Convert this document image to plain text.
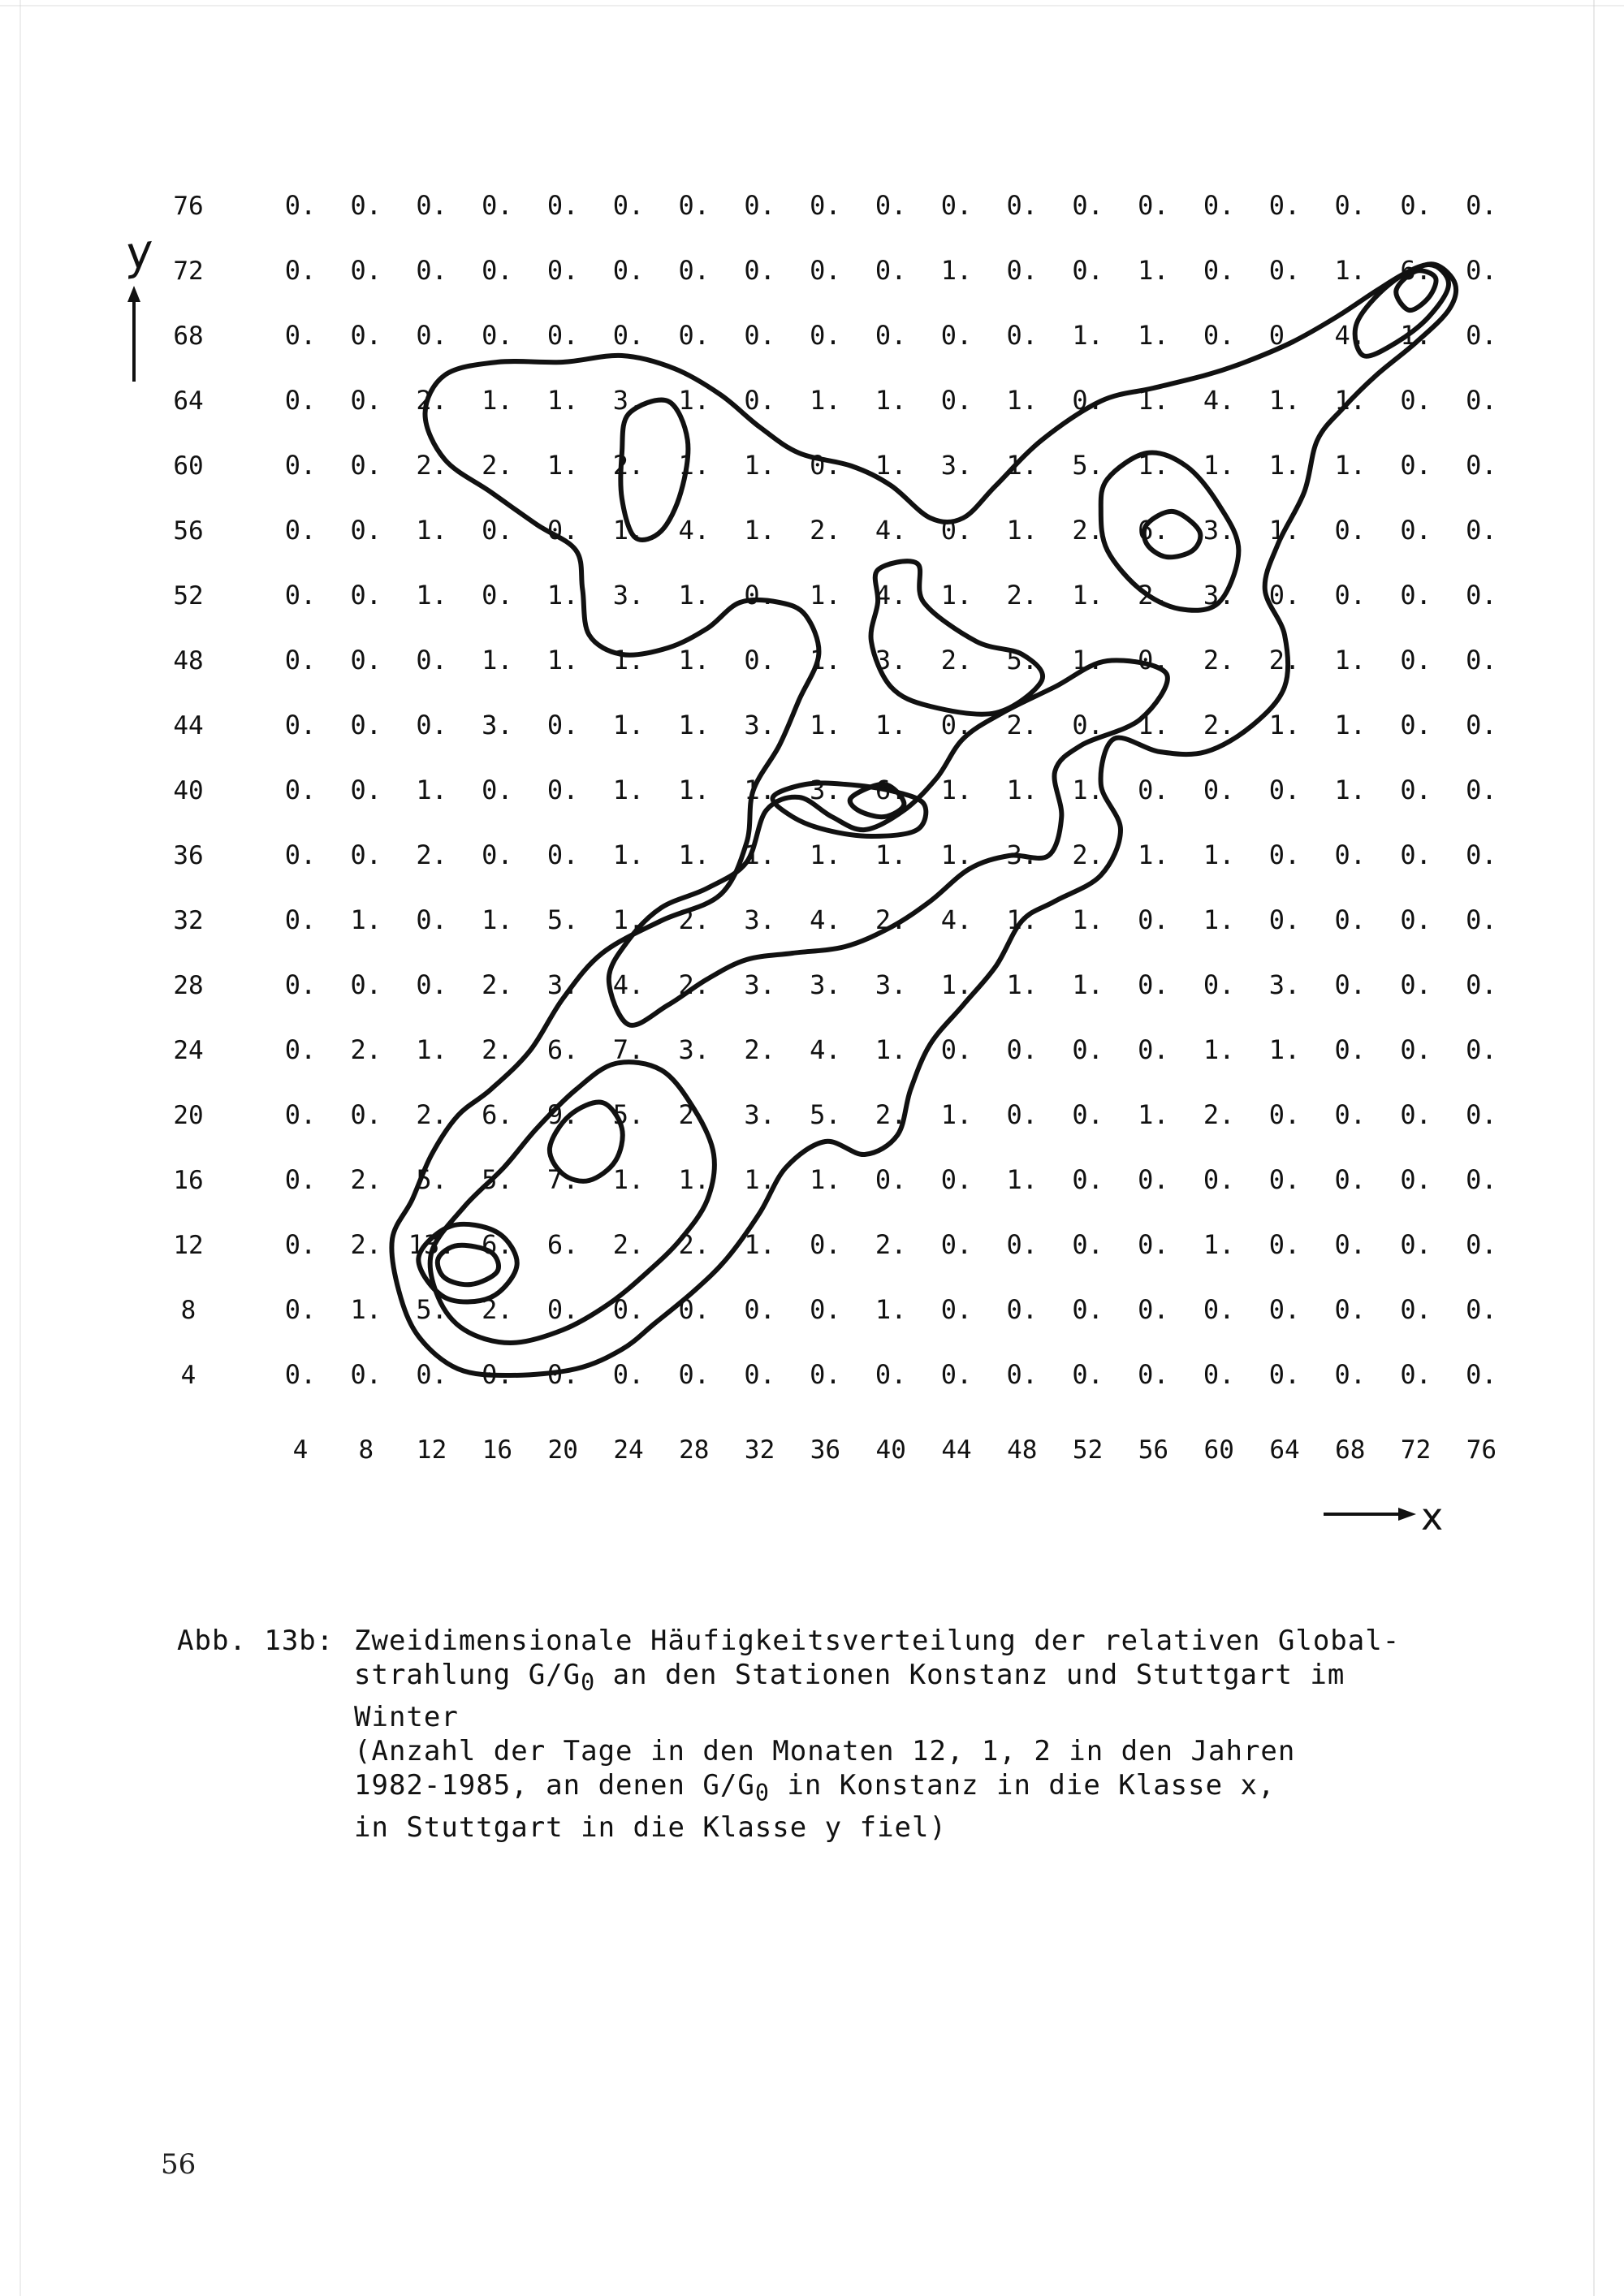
76
72
68
64
60
56
52
48
44
40
36
32
28
24
20
16
12
8
4
4 8 12 16 20 24 28 32 36 40 44 48 52 56 60 64 68 72 76
0. 0. 0. 0. 0. 0. 0. 0. 0. 0. 0. 0. 0. 0. 0. 0. 0. 0. 0.
0. 0. 0. 0. 0. 0. 0. 0. 0. 0. 1. 0. 0. 1. 0. 0. 1. 6. 0.
0. 0. 0. 0. 0. 0. 0. 0. 0. 0. 0. 0. 1. 1. 0. 0. 4. 1. 0.
0. 0. 2. 1. 1. 3. 1. 0. 1. 1. 0. 1. 0. 1. 4. 1. 1. 0. 0.
0. 0. 2. 2. 1. 2. 1. 1. 0. 1. 3. 1. 5. 1. 1. 1. 1. 0. 0.
0. 0. 1. 0. 0. 1. 4. 1. 2. 4. 0. 1. 2. 6. 3. 1. 0. 0. 0.
0. 0. 1. 0. 1. 3. 1. 0. 1. 4. 1. 2. 1. 2. 3. 0. 0. 0. 0.
0. 0. 0. 1. 1. 1. 1. 0. 1. 3. 2. 5. 1. 0. 2. 2. 1. 0. 0.
0. 0. 0. 3. 0. 1. 1. 3. 1. 1. 0. 2. 0. 1. 2. 1. 1. 0. 0.
0. 0. 1. 0. 0. 1. 1. 1. 3. 6. 1. 1. 1. 0. 0. 0. 1. 0. 0.
0. 0. 2. 0. 0. 1. 1. 1. 1. 1. 1. 3. 2. 1. 1. 0. 0. 0. 0.
0. 1. 0. 1. 5. 1. 2. 3. 4. 2. 4. 1. 1. 0. 1. 0. 0. 0. 0.
0. 0. 0. 2. 3. 4. 2. 3. 3. 3. 1. 1. 1. 0. 0. 3. 0. 0. 0.
0. 2. 1. 2. 6. 7. 3. 2. 4. 1. 0. 0. 0. 0. 1. 1. 0. 0. 0.
0. 0. 2. 6. 9. 5. 2. 3. 5. 2. 1. 0. 0. 1. 2. 0. 0. 0. 0.
0. 2. 5. 5. 7. 1. 1. 1. 1. 0. 0. 1. 0. 0. 0. 0. 0. 0. 0.
0. 2. 13. 6. 6. 2. 2. 1. 0. 2. 0. 0. 0. 0. 1. 0. 0. 0. 0.
0. 1. 5. 2. 0. 0. 0. 0. 0. 1. 0. 0. 0. 0. 0. 0. 0. 0. 0.
0. 0. 0. 0. 0. 0. 0. 0. 0. 0. 0. 0. 0. 0. 0. 0. 0. 0. 0.
y
x
Abb. 13b: Zweidimensionale Häufigkeitsverteilung der relativen Global-
strahlung $G/G_0$ an den Stationen Konstanz und Stuttgart im
Winter
(Anzahl der Tage in den Monaten 12, 1, 2 in den Jahren
1982-1985, an denen $G/G_0$ in Konstanz in die Klasse x,
in Stuttgart in die Klasse y fiel)
56
